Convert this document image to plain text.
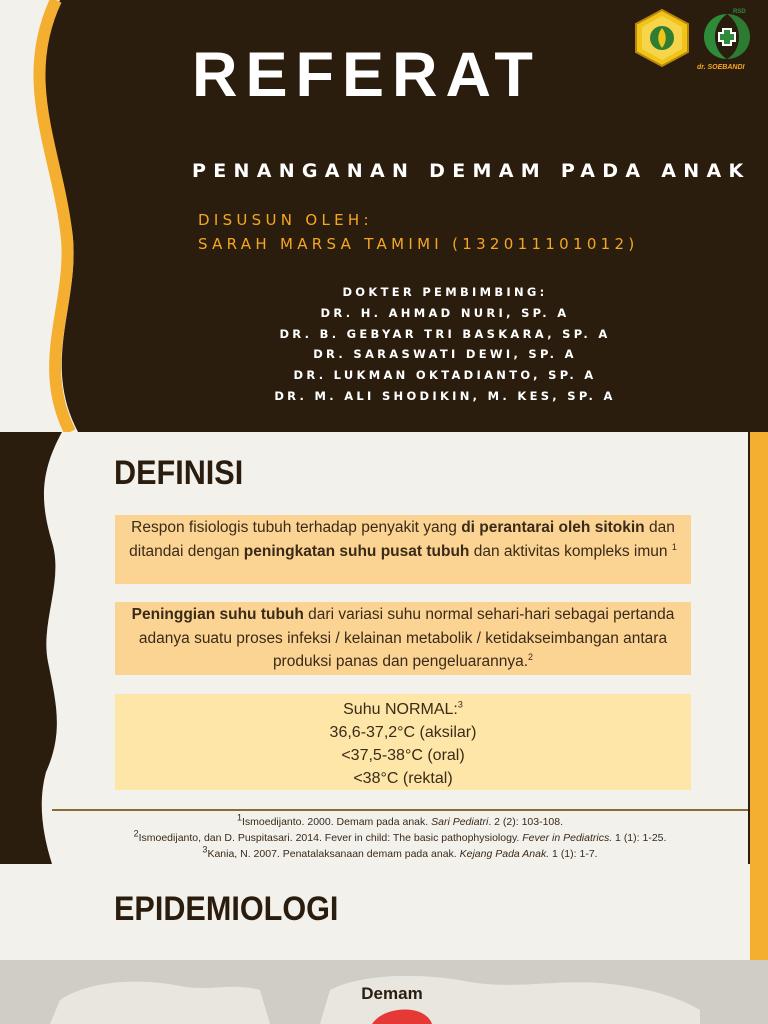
REFERAT
PENANGANAN DEMAM PADA ANAK
DISUSUN OLEH:
SARAH MARSA TAMIMI (132011101012)
DOKTER PEMBIMBING:
DR. H. AHMAD NURI, SP. A
DR. B. GEBYAR TRI BASKARA, SP. A
DR. SARASWATI DEWI, SP. A
DR. LUKMAN OKTADIANTO, SP. A
DR. M. ALI SHODIKIN, M. KES, SP. A
RSD
dr. SOEBANDI
DEFINISI
Respon fisiologis tubuh terhadap penyakit yang di perantarai oleh sitokin dan ditandai dengan peningkatan suhu pusat tubuh dan aktivitas kompleks imun $^1$
Peninggian suhu tubuh dari variasi suhu normal sehari-hari sebagai pertanda adanya suatu proses infeksi / kelainan metabolik / ketidakseimbangan antara produksi panas dan pengeluarannya.$^2$
Suhu NORMAL:$^3$
36,6-37,2°C (aksilar)
<37,5-38°C (oral)
<38°C (rektal)
1Ismoedijanto. 2000. Demam pada anak. Sari Pediatri. 2 (2): 103-108.
2Ismoedijanto, dan D. Puspitasari. 2014. Fever in child: The basic pathophysiology. Fever in Pediatrics. 1 (1): 1-25.
3Kania, N. 2007. Penatalaksanaan demam pada anak. Kejang Pada Anak. 1 (1): 1-7.
EPIDEMIOLOGI
Demam
